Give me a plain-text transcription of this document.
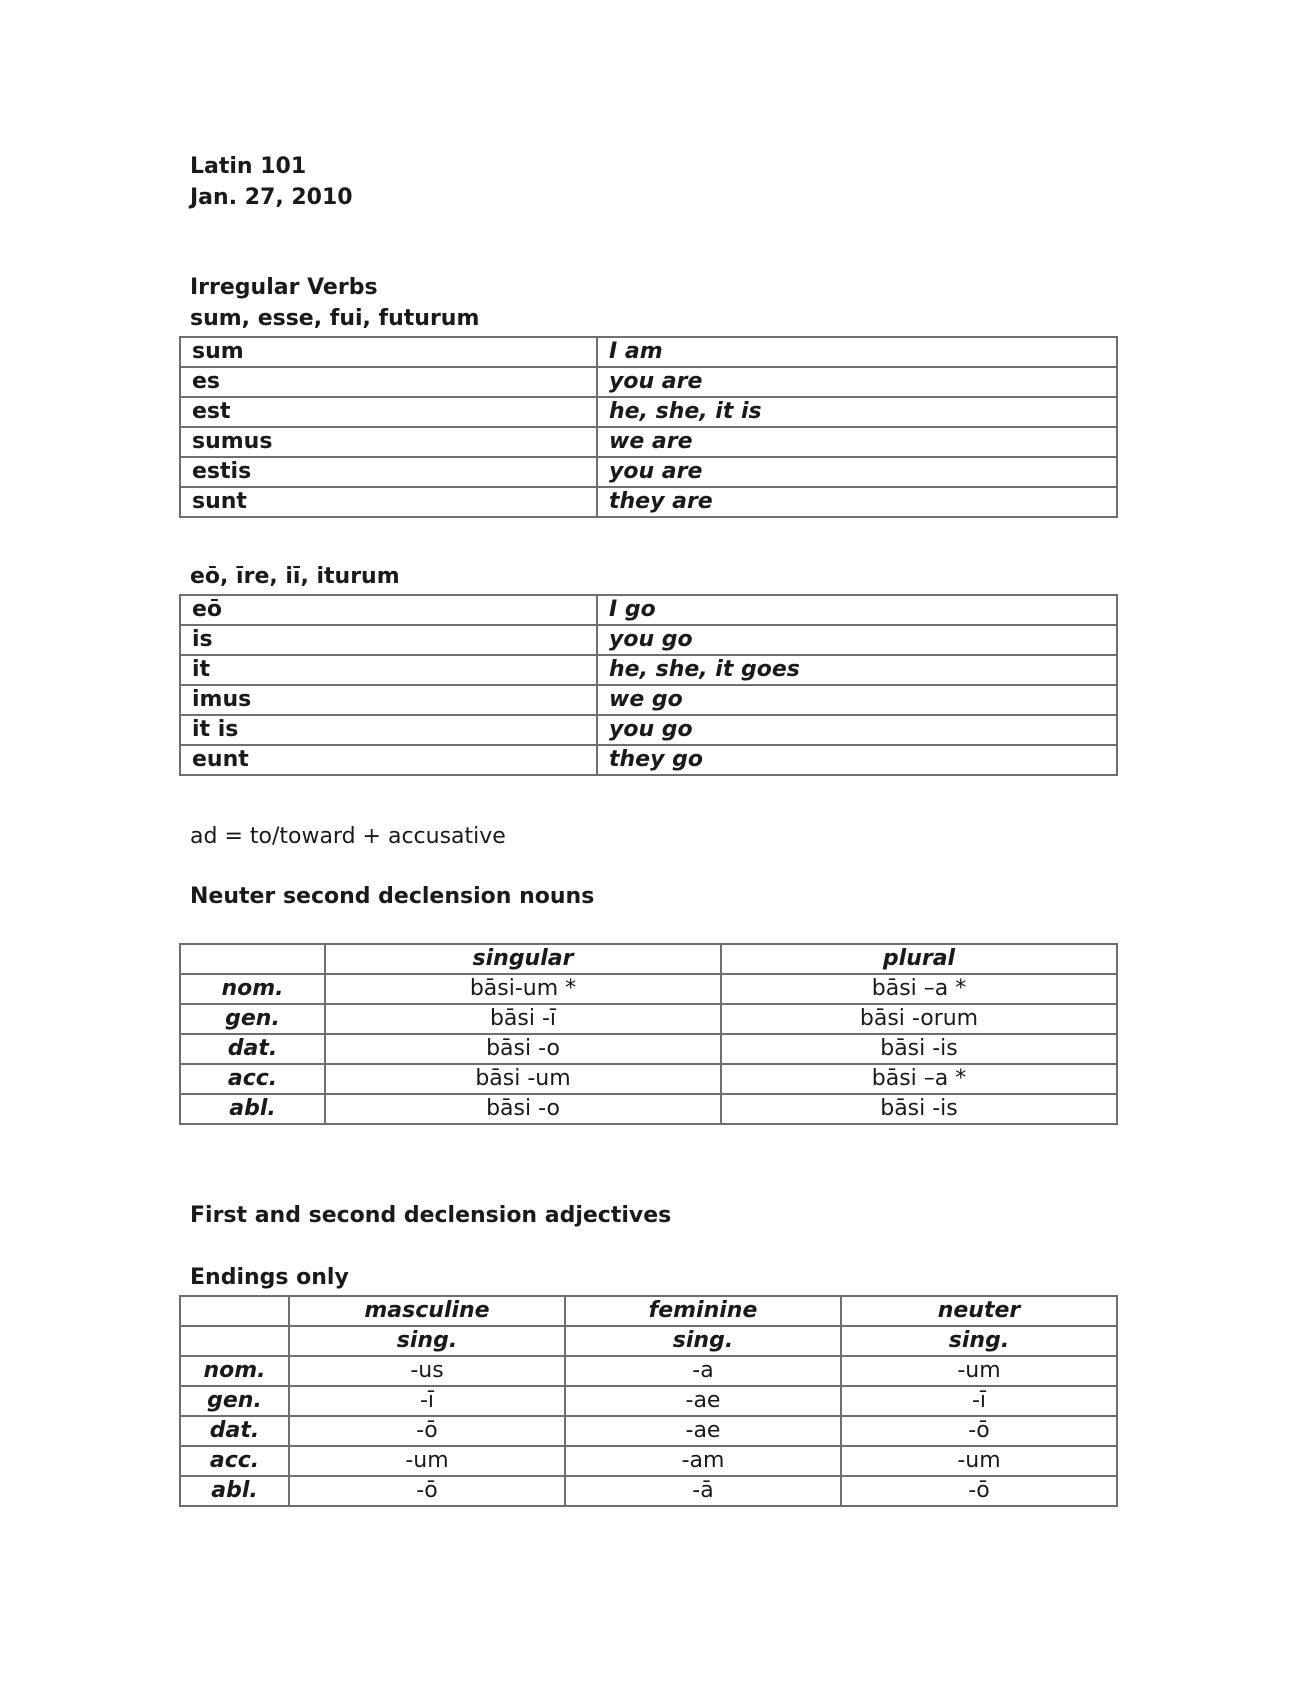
Latin 101
Jan. 27, 2010
Irregular Verbs
sum, esse, fui, futurum
sum	I am
es	you are
est	he, she, it is
sumus	we are
estis	you are
sunt	they are
eō, īre, iī, iturum
eō	I go
is	you go
it	he, she, it goes
imus	we go
it is	you go
eunt	they go
ad = to/toward + accusative
Neuter second declension nouns
	singular	plural
nom.	bāsi-um *	bāsi –a *
gen.	bāsi -ī	bāsi -orum
dat.	bāsi -o	bāsi -is
acc.	bāsi -um	bāsi –a *
abl.	bāsi -o	bāsi -is
First and second declension adjectives
Endings only
	masculine	feminine	neuter
	sing.	sing.	sing.
nom.	-us	-a	-um
gen.	-ī	-ae	-ī
dat.	-ō	-ae	-ō
acc.	-um	-am	-um
abl.	-ō	-ā	-ō
